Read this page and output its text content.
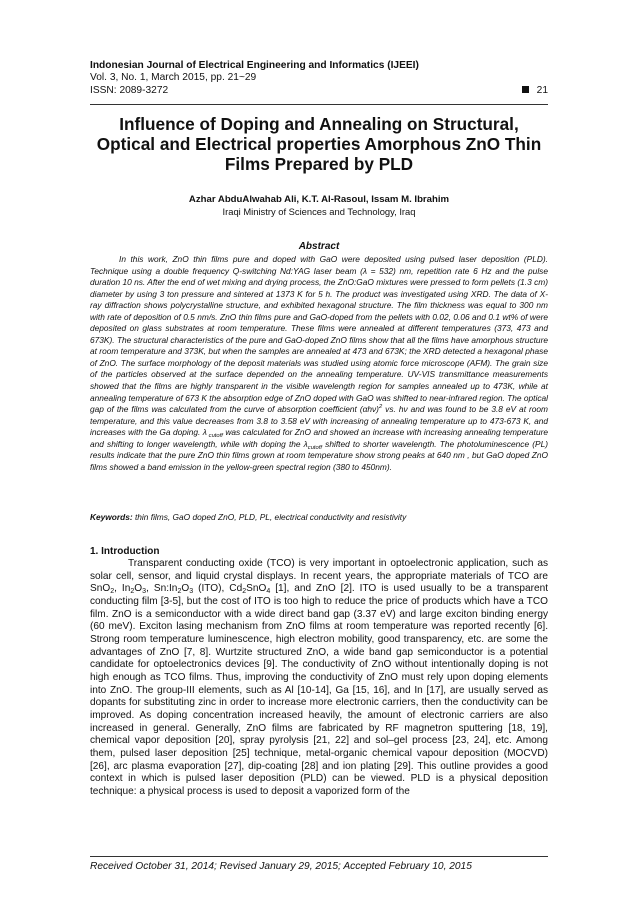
Indonesian Journal of Electrical Engineering and Informatics (IJEEI)
Vol. 3, No. 1, March 2015, pp. 21~29
ISSN: 2089-3272	21
Influence of Doping and Annealing on Structural, Optical and Electrical properties Amorphous ZnO Thin Films Prepared by PLD
Azhar AbduAlwahab Ali, K.T. Al-Rasoul, Issam M. Ibrahim
Iraqi Ministry of Sciences and Technology, Iraq
Abstract

In this work, ZnO thin films pure and doped with GaO were deposited using pulsed laser deposition (PLD). Technique using a double frequency Q-switching Nd:YAG laser beam (λ = 532) nm, repetition rate 6 Hz and the pulse duration 10 ns. After the end of wet mixing and drying process, the ZnO:GaO mixtures were pressed to form pellets (1.3 cm) diameter by using 3 ton pressure and sintered at 1373 K for 5 h. The product was investigated using XRD. The data of X-ray diffraction shows polycrystalline structure, and exhibited hexagonal structure. The film thickness was equal to 300 nm with rate of deposition of 0.5 nm/s. ZnO thin films pure and GaO-doped from the pellets with 0.02, 0.06 and 0.1 wt% of were deposited on glass substrates at room temperature. These films were annealed at different temperatures (373, 473 and 673K). The structural characteristics of the pure and GaO-doped ZnO films show that all the films have amorphous structure at room temperature and 373K, but when the samples are annealed at 473 and 673K; the XRD detected a hexagonal phase of ZnO. The surface morphology of the deposit materials was studied using atomic force microscope (AFM). The grain size of the particles observed at the surface depended on the annealing temperature. UV-VIS transmittance measurements showed that the films are highly transparent in the visible wavelength region for samples annealed up to 473K, while at annealing temperature of 673 K the absorption edge of ZnO doped with GaO was shifted to near-infrared region. The optical gap of the films was calculated from the curve of absorption coefficient $(\alpha h\nu)^2$ vs. hν and was found to be 3.8 eV at room temperature, and this value decreases from 3.8 to 3.58 eV with increasing of annealing temperature up to 473-673 K, and increases with the Ga doping. λ $_{cutoff}$ was calculated for ZnO and showed an increase with increasing annealing temperature and shifting to longer wavelength, while with doping the $\lambda_{cutoff}$ shifted to shorter wavelength. The photoluminescence (PL) results indicate that the pure ZnO thin films grown at room temperature show strong peaks at 640 nm , but GaO doped ZnO films showed a band emission in the yellow-green spectral region (380 to 450nm).

Keywords: thin films, GaO doped ZnO, PLD, PL, electrical conductivity and resistivity

1. Introduction

Transparent conducting oxide (TCO) is very important in optoelectronic application, such as solar cell, sensor, and liquid crystal displays. In recent years, the appropriate materials of TCO are SnO$_2$, $In_2O_3$, $Sn:In_2O_3$ (ITO), $Cd_2SnO_4$ [1], and ZnO [2]. ITO is used usually to be a transparent conducting film [3-5], but the cost of ITO is too high to reduce the price of products which have a TCO film. ZnO is a semiconductor with a wide direct band gap (3.37 eV) and large exciton binding energy (60 meV). Exciton lasing mechanism from ZnO films at room temperature was reported recently [6]. Strong room temperature luminescence, high electron mobility, good transparency, etc. are some the advantages of ZnO [7, 8]. Wurtzite structured ZnO, a wide band gap semiconductor is a potential candidate for optoelectronics devices [9]. The conductivity of ZnO without intentionally doping is not high enough as TCO films. Thus, improving the conductivity of ZnO must rely upon doping elements into ZnO. The group-III elements, such as Al [10-14], Ga [15, 16], and In [17], are usually served as dopants for substituting zinc in order to increase more electronic carriers, then the conductivity can be improved. As doping concentration increased heavily, the amount of electronic carriers are also increased in general. Generally, ZnO films are fabricated by RF magnetron sputtering [18, 19], chemical vapor deposition [20], spray pyrolysis [21, 22] and sol–gel process [23, 24], etc. Among them, pulsed laser deposition [25] technique, metal-organic chemical vapour deposition (MOCVD) [26], arc plasma evaporation [27], dip-coating [28] and ion plating [29]. This outline provides a good context in which is pulsed laser deposition (PLD) can be viewed. PLD is a physical deposition technique: a physical process is used to deposit a vaporized form of the

Received October 31, 2014; Revised January 29, 2015; Accepted February 10, 2015
